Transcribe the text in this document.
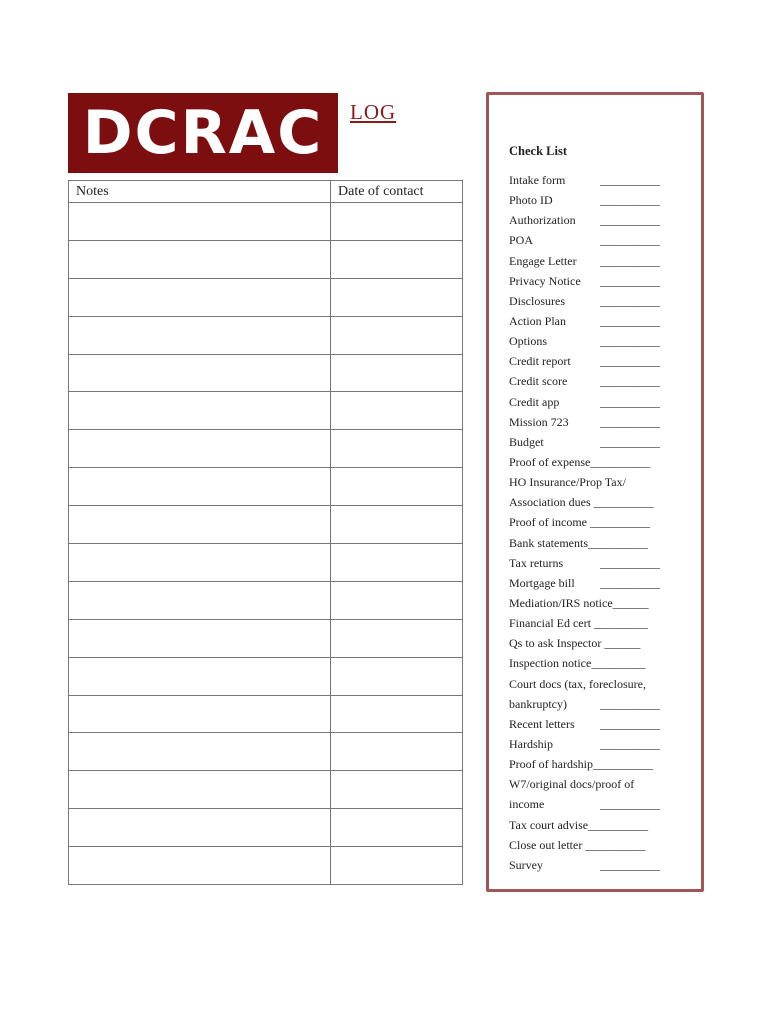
DCRAC LOG
Notes	Date of contact

Check List
Intake form	__________
Photo ID	__________
Authorization __________
POA	__________
Engage Letter __________
Privacy Notice __________
Disclosures	__________
Action Plan	__________
Options	__________
Credit report __________
Credit score	__________
Credit app	__________
Mission 723	__________
Budget	__________
Proof of expense__________
HO Insurance/Prop Tax/
Association dues __________
Proof of income __________
Bank statements__________
Tax returns	__________
Mortgage bill __________
Mediation/IRS notice______
Financial Ed cert _________
Qs to ask Inspector ______
Inspection notice_________
Court docs (tax, foreclosure,
bankruptcy)	__________
Recent letters __________
Hardship	__________
Proof of hardship__________
W7/original docs/proof of
income	__________
Tax court advise__________
Close out letter __________
Survey	__________
